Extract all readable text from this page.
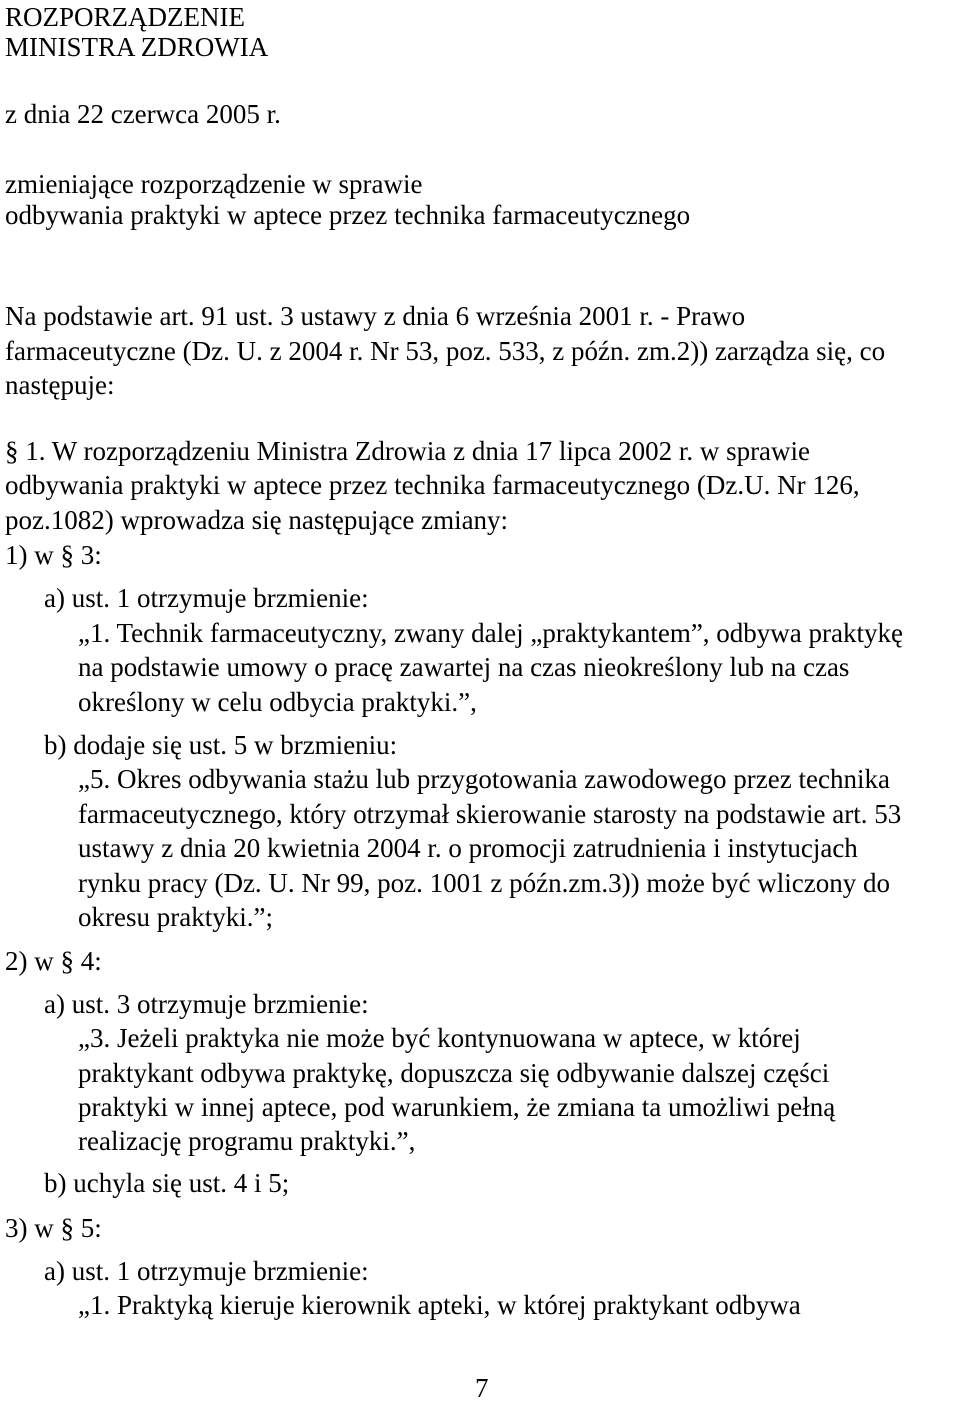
ROZPORZĄDZENIE

MINISTRA ZDROWIA

z dnia 22 czerwca 2005 r.

zmieniające rozporządzenie w sprawie

odbywania praktyki w aptece przez technika farmaceutycznego

Na podstawie art. 91 ust. 3 ustawy z dnia 6 września 2001 r. - Prawo

farmaceutyczne (Dz. U. z 2004 r. Nr 53, poz. 533, z późn. zm.2)) zarządza się, co

następuje:

§ 1. W rozporządzeniu Ministra Zdrowia z dnia 17 lipca 2002 r. w sprawie

odbywania praktyki w aptece przez technika farmaceutycznego (Dz.U. Nr 126,

poz.1082) wprowadza się następujące zmiany:

1) w § 3:

a) ust. 1 otrzymuje brzmienie:

„1. Technik farmaceutyczny, zwany dalej „praktykantem”, odbywa praktykę

na podstawie umowy o pracę zawartej na czas nieokreślony lub na czas

określony w celu odbycia praktyki.”,

b) dodaje się ust. 5 w brzmieniu:

„5. Okres odbywania stażu lub przygotowania zawodowego przez technika

farmaceutycznego, który otrzymał skierowanie starosty na podstawie art. 53

ustawy z dnia 20 kwietnia 2004 r. o promocji zatrudnienia i instytucjach

rynku pracy (Dz. U. Nr 99, poz. 1001 z późn.zm.3)) może być wliczony do

okresu praktyki.”;

2) w § 4:

a) ust. 3 otrzymuje brzmienie:

„3. Jeżeli praktyka nie może być kontynuowana w aptece, w której

praktykant odbywa praktykę, dopuszcza się odbywanie dalszej części

praktyki w innej aptece, pod warunkiem, że zmiana ta umożliwi pełną

realizację programu praktyki.”,

b) uchyla się ust. 4 i 5;

3) w § 5:

a) ust. 1 otrzymuje brzmienie:

„1. Praktyką kieruje kierownik apteki, w której praktykant odbywa

7
